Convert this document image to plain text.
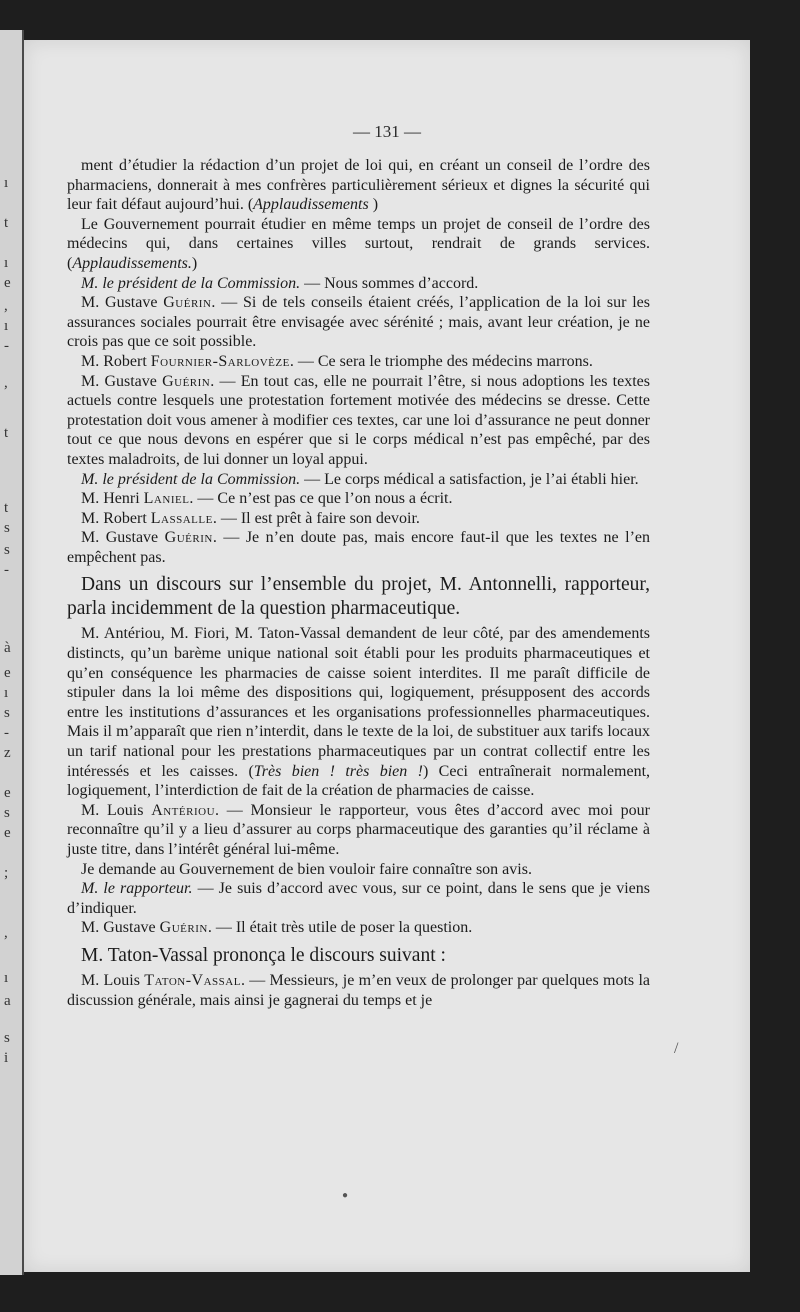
ı
t
ı
e
,
ı
-
,
t
t
s
s
-
à
e
ı
s
-
z
e
s
e
;
,
ı
a
s
i
— 131 —

ment d’étudier la rédaction d’un projet de loi qui, en créant un conseil de l’ordre des pharmaciens, donnerait à mes confrères particulièrement sérieux et dignes la sécurité qui leur fait défaut aujourd’hui. (Applaudissements )

Le Gouvernement pourrait étudier en même temps un projet de conseil de l’ordre des médecins qui, dans certaines villes surtout, rendrait de grands services. (Applaudissements.)

M. le président de la Commission. — Nous sommes d’accord.

M. Gustave Guérin. — Si de tels conseils étaient créés, l’application de la loi sur les assurances sociales pourrait être envisagée avec sérénité ; mais, avant leur création, je ne crois pas que ce soit possible.

M. Robert Fournier-Sarlovèze. — Ce sera le triomphe des médecins marrons.

M. Gustave Guérin. — En tout cas, elle ne pourrait l’être, si nous adoptions les textes actuels contre lesquels une protestation fortement motivée des médecins se dresse. Cette protestation doit vous amener à modifier ces textes, car une loi d’assurance ne peut donner tout ce que nous devons en espérer que si le corps médical n’est pas empêché, par des textes maladroits, de lui donner un loyal appui.

M. le président de la Commission. — Le corps médical a satisfaction, je l’ai établi hier.

M. Henri Laniel. — Ce n’est pas ce que l’on nous a écrit.

M. Robert Lassalle. — Il est prêt à faire son devoir.

M. Gustave Guérin. — Je n’en doute pas, mais encore faut-il que les textes ne l’en empêchent pas.

Dans un discours sur l’ensemble du projet, M. Antonnelli, rapporteur, parla incidemment de la question pharmaceutique.

M. Antériou, M. Fiori, M. Taton-Vassal demandent de leur côté, par des amendements distincts, qu’un barème unique national soit établi pour les produits pharmaceutiques et qu’en conséquence les pharmacies de caisse soient interdites. Il me paraît difficile de stipuler dans la loi même des dispositions qui, logiquement, présupposent des accords entre les institutions d’assurances et les organisations professionnelles pharmaceutiques. Mais il m’apparaît que rien n’interdit, dans le texte de la loi, de substituer aux tarifs locaux un tarif national pour les prestations pharmaceutiques par un contrat collectif entre les intéressés et les caisses. (Très bien ! très bien !) Ceci entraînerait normalement, logiquement, l’interdiction de fait de la création de pharmacies de caisse.

M. Louis Antériou. — Monsieur le rapporteur, vous êtes d’accord avec moi pour reconnaître qu’il y a lieu d’assurer au corps pharmaceutique des garanties qu’il réclame à juste titre, dans l’intérêt général lui-même.

Je demande au Gouvernement de bien vouloir faire connaître son avis.

M. le rapporteur. — Je suis d’accord avec vous, sur ce point, dans le sens que je viens d’indiquer.

M. Gustave Guérin. — Il était très utile de poser la question.

M. Taton-Vassal prononça le discours suivant :

M. Louis Taton-Vassal. — Messieurs, je m’en veux de prolonger par quelques mots la discussion générale, mais ainsi je gagnerai du temps et je

/
●
